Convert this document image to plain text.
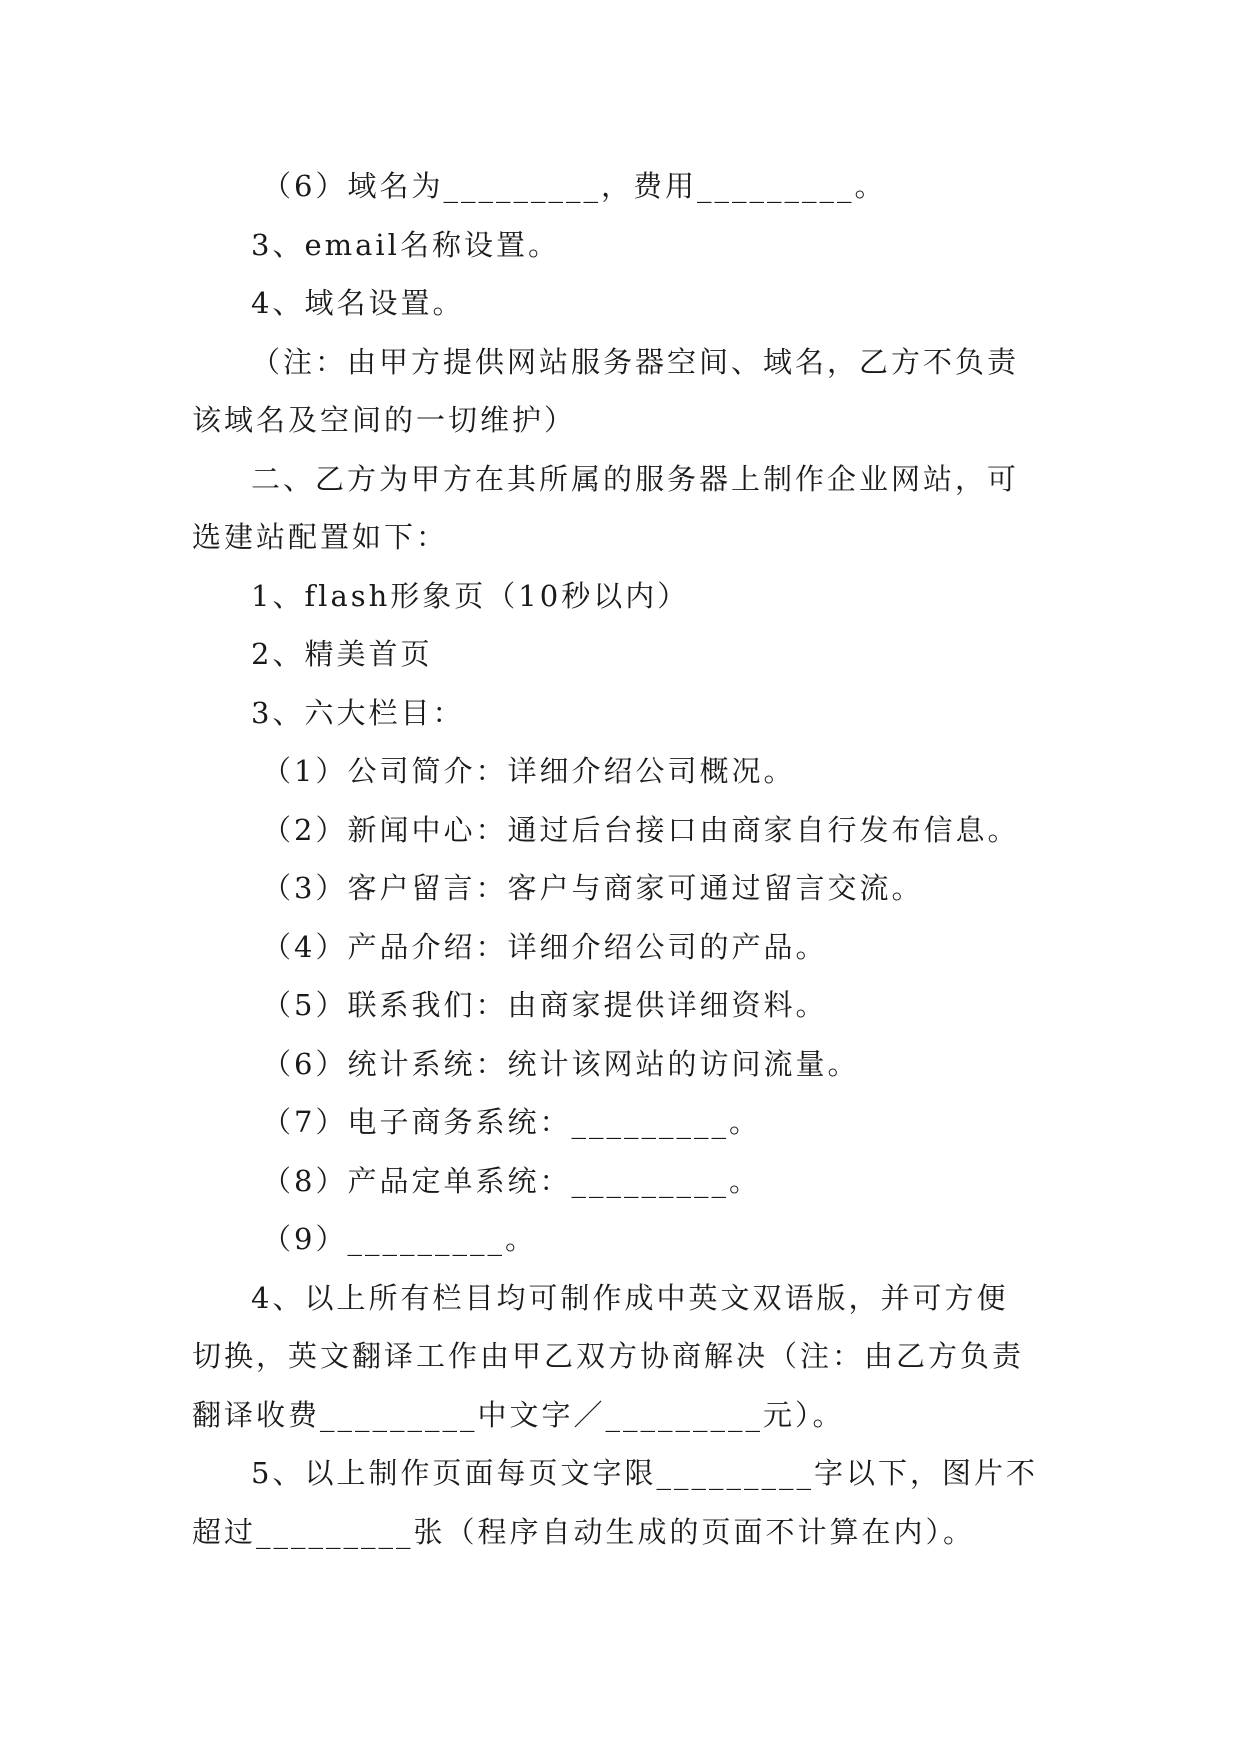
（6）域名为_________，费用_________。
3、email名称设置。
4、域名设置。
（注：由甲方提供网站服务器空间、域名，乙方不负责
该域名及空间的一切维护）
二、乙方为甲方在其所属的服务器上制作企业网站，可
选建站配置如下：
1、flash形象页（10秒以内）
2、精美首页
3、六大栏目：
（1）公司简介：详细介绍公司概况。
（2）新闻中心：通过后台接口由商家自行发布信息。
（3）客户留言：客户与商家可通过留言交流。
（4）产品介绍：详细介绍公司的产品。
（5）联系我们：由商家提供详细资料。
（6）统计系统：统计该网站的访问流量。
（7）电子商务系统：_________。
（8）产品定单系统：_________。
（9）_________。
4、以上所有栏目均可制作成中英文双语版，并可方便
切换，英文翻译工作由甲乙双方协商解决（注：由乙方负责
翻译收费_________中文字／_________元）。
5、以上制作页面每页文字限_________字以下，图片不
超过_________张（程序自动生成的页面不计算在内）。
